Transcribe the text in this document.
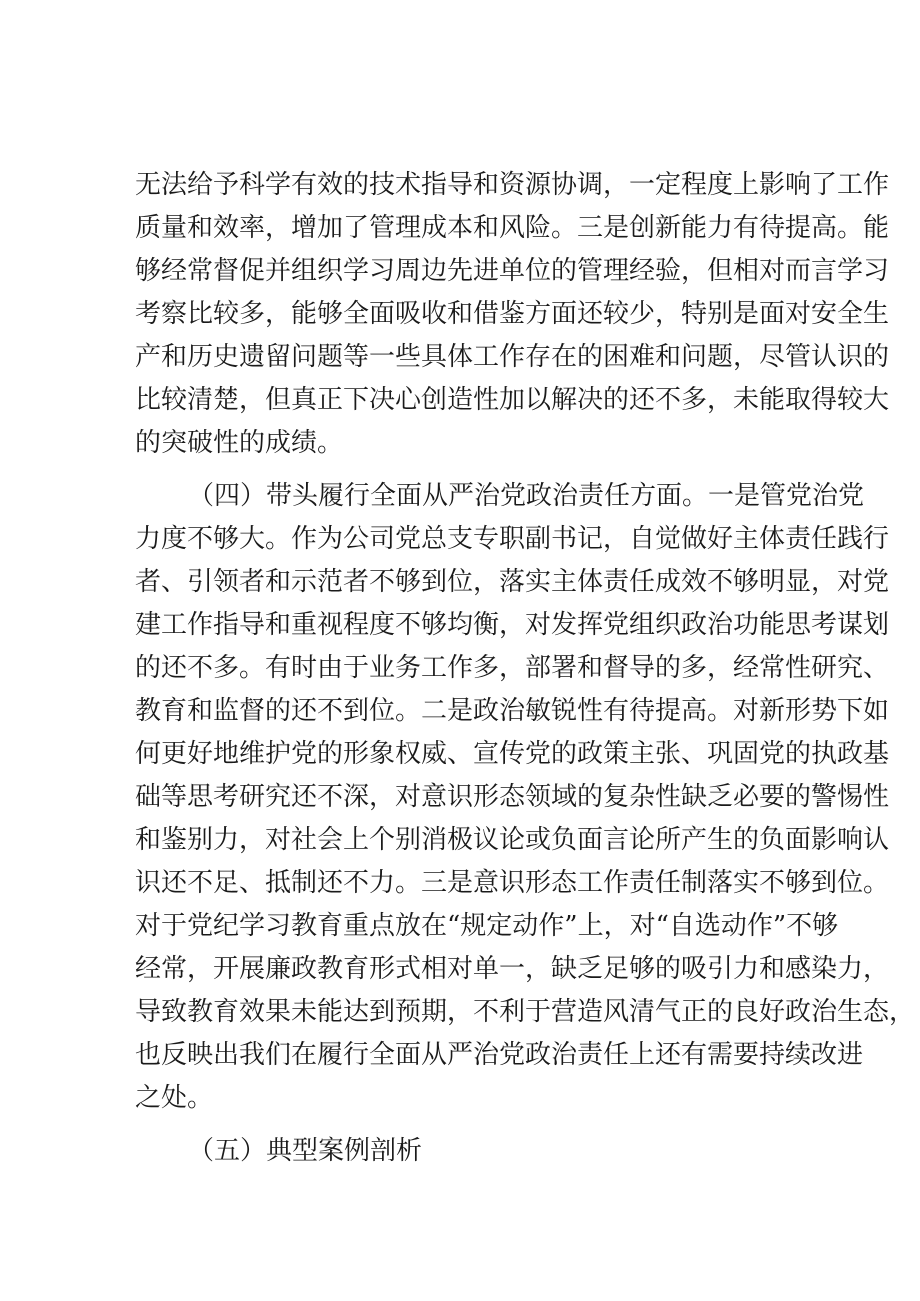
无法给予科学有效的技术指导和资源协调，一定程度上影响了工作
质量和效率，增加了管理成本和风险。三是创新能力有待提高。能
够经常督促并组织学习周边先进单位的管理经验，但相对而言学习
考察比较多，能够全面吸收和借鉴方面还较少，特别是面对安全生
产和历史遗留问题等一些具体工作存在的困难和问题，尽管认识的
比较清楚，但真正下决心创造性加以解决的还不多，未能取得较大
的突破性的成绩。
（四）带头履行全面从严治党政治责任方面。一是管党治党
力度不够大。作为公司党总支专职副书记，自觉做好主体责任践行
者、引领者和示范者不够到位，落实主体责任成效不够明显，对党
建工作指导和重视程度不够均衡，对发挥党组织政治功能思考谋划
的还不多。有时由于业务工作多，部署和督导的多，经常性研究、
教育和监督的还不到位。二是政治敏锐性有待提高。对新形势下如
何更好地维护党的形象权威、宣传党的政策主张、巩固党的执政基
础等思考研究还不深，对意识形态领域的复杂性缺乏必要的警惕性
和鉴别力，对社会上个别消极议论或负面言论所产生的负面影响认
识还不足、抵制还不力。三是意识形态工作责任制落实不够到位。
对于党纪学习教育重点放在“规定动作”上，对“自选动作”不够
经常，开展廉政教育形式相对单一，缺乏足够的吸引力和感染力，
导致教育效果未能达到预期，不利于营造风清气正的良好政治生态，
也反映出我们在履行全面从严治党政治责任上还有需要持续改进
之处。
（五）典型案例剖析
